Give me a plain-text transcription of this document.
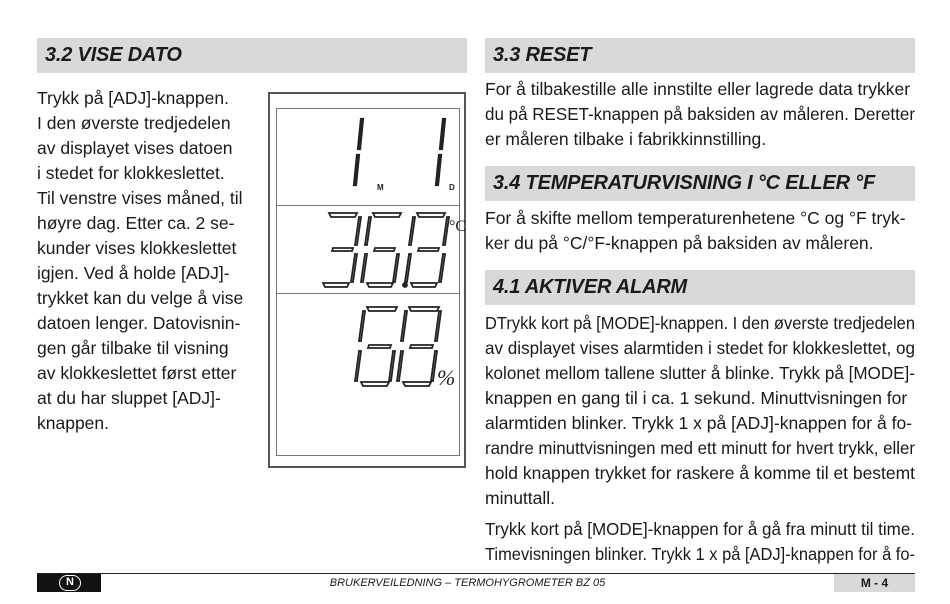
3.2 VISE DATO
Trykk på [ADJ]-knappen.
I den øverste tredjedelen
av displayet vises datoen
i stedet for klokkeslettet.
Til venstre vises måned, til
høyre dag. Etter ca. 2 se-
kunder vises klokkeslettet
igjen. Ved å holde [ADJ]-
trykket kan du velge å vise
datoen lenger. Datovisnin-
gen går tilbake til visning
av klokkeslettet først etter
at du har sluppet [ADJ]-
knappen.
M	D
°C
%
3.3 RESET
For å tilbakestille alle innstilte eller lagrede data trykker
du på RESET-knappen på baksiden av måleren. Deretter
er måleren tilbake i fabrikkinnstilling.
3.4 TEMPERATURVISNING I °C ELLER °F
For å skifte mellom temperaturenhetene °C og °F tryk-
ker du på °C/°F-knappen på baksiden av måleren.
4.1 AKTIVER ALARM
DTrykk kort på [MODE]-knappen. I den øverste tredjedelen
av displayet vises alarmtiden i stedet for klokkeslettet, og
kolonet mellom tallene slutter å blinke. Trykk på [MODE]-
knappen en gang til i ca. 1 sekund. Minuttvisningen for
alarmtiden blinker. Trykk 1 x på [ADJ]-knappen for å fo-
randre minuttvisningen med ett minutt for hvert trykk, eller
hold knappen trykket for raskere å komme til et bestemt
minuttall.
Trykk kort på [MODE]-knappen for å gå fra minutt til time.
Timevisningen blinker. Trykk 1 x på [ADJ]-knappen for å fo-
N	BRUKERVEILEDNING – TERMOHYGROMETER BZ 05	M - 4
